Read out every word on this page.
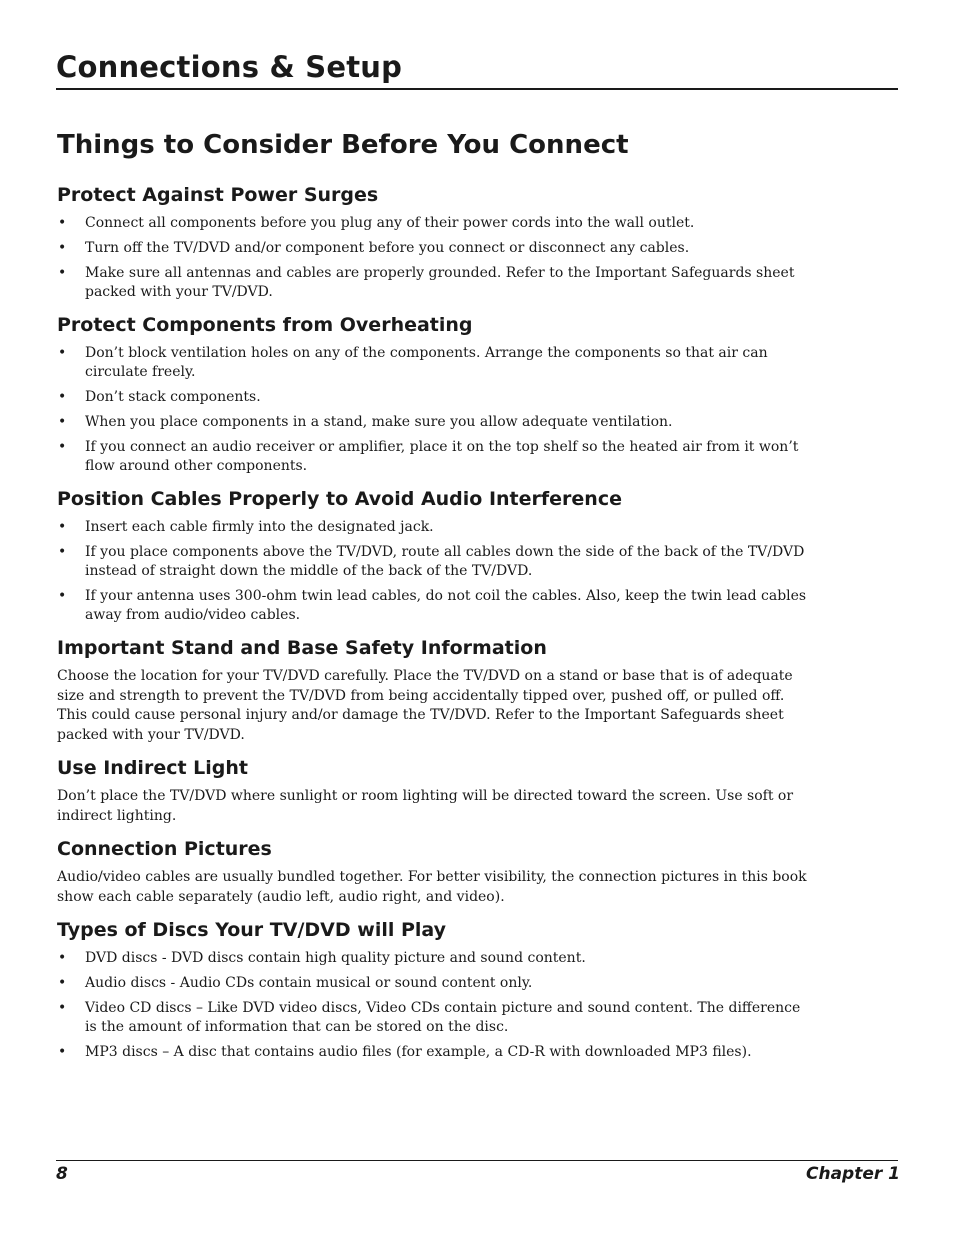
Connections & Setup
Things to Consider Before You Connect
Protect Against Power Surges
• Connect all components before you plug any of their power cords into the wall outlet.
• Turn off the TV/DVD and/or component before you connect or disconnect any cables.
• Make sure all antennas and cables are properly grounded. Refer to the Important Safeguards sheet packed with your TV/DVD.
Protect Components from Overheating
• Don’t block ventilation holes on any of the components. Arrange the components so that air can circulate freely.
• Don’t stack components.
• When you place components in a stand, make sure you allow adequate ventilation.
• If you connect an audio receiver or amplifier, place it on the top shelf so the heated air from it won’t flow around other components.
Position Cables Properly to Avoid Audio Interference
• Insert each cable firmly into the designated jack.
• If you place components above the TV/DVD, route all cables down the side of the back of the TV/DVD instead of straight down the middle of the back of the TV/DVD.
• If your antenna uses 300-ohm twin lead cables, do not coil the cables. Also, keep the twin lead cables away from audio/video cables.
Important Stand and Base Safety Information

Choose the location for your TV/DVD carefully. Place the TV/DVD on a stand or base that is of adequate size and strength to prevent the TV/DVD from being accidentally tipped over, pushed off, or pulled off. This could cause personal injury and/or damage the TV/DVD. Refer to the Important Safeguards sheet packed with your TV/DVD.

Use Indirect Light

Don’t place the TV/DVD where sunlight or room lighting will be directed toward the screen. Use soft or indirect lighting.

Connection Pictures

Audio/video cables are usually bundled together. For better visibility, the connection pictures in this book show each cable separately (audio left, audio right, and video).

Types of Discs Your TV/DVD will Play
• DVD discs - DVD discs contain high quality picture and sound content.
• Audio discs - Audio CDs contain musical or sound content only.
• Video CD discs – Like DVD video discs, Video CDs contain picture and sound content. The difference is the amount of information that can be stored on the disc.
• MP3 discs – A disc that contains audio files (for example, a CD-R with downloaded MP3 files).
8	Chapter 1
